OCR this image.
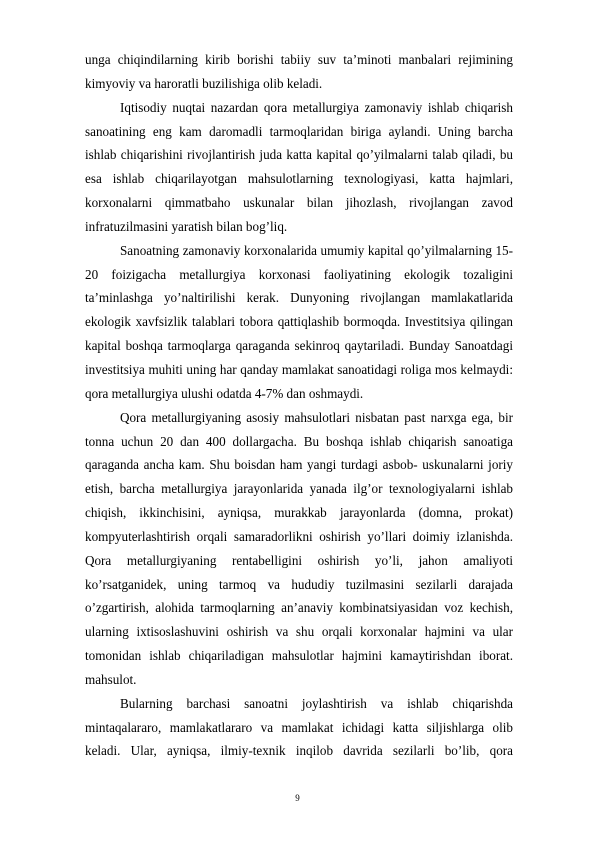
unga chiqindilarning kirib borishi tabiiy suv ta’minoti manbalari rejimining kimyoviy va haroratli buzilishiga olib keladi.

Iqtisodiy nuqtai nazardan qora metallurgiya zamonaviy ishlab chiqarish sanoatining eng kam daromadli tarmoqlaridan biriga aylandi. Uning barcha ishlab chiqarishini rivojlantirish juda katta kapital qo’yilmalarni talab qiladi, bu esa ishlab chiqarilayotgan mahsulotlarning texnologiyasi, katta hajmlari, korxonalarni qimmatbaho uskunalar bilan jihozlash, rivojlangan zavod infratuzilmasini yaratish bilan bog’liq.

Sanoatning zamonaviy korxonalarida umumiy kapital qo’yilmalarning 15-20 foizigacha metallurgiya korxonasi faoliyatining ekologik tozaligini ta’minlashga yo’naltirilishi kerak. Dunyoning rivojlangan mamlakatlarida ekologik xavfsizlik talablari tobora qattiqlashib bormoqda. Investitsiya qilingan kapital boshqa tarmoqlarga qaraganda sekinroq qaytariladi. Bunday Sanoatdagi investitsiya muhiti uning har qanday mamlakat sanoatidagi roliga mos kelmaydi: qora metallurgiya ulushi odatda 4-7% dan oshmaydi.

Qora metallurgiyaning asosiy mahsulotlari nisbatan past narxga ega, bir tonna uchun 20 dan 400 dollargacha. Bu boshqa ishlab chiqarish sanoatiga qaraganda ancha kam. Shu boisdan ham yangi turdagi asbob- uskunalarni joriy etish, barcha metallurgiya jarayonlarida yanada ilg’or texnologiyalarni ishlab chiqish, ikkinchisini, ayniqsa, murakkab jarayonlarda (domna, prokat) kompyuterlashtirish orqali samaradorlikni oshirish yo’llari doimiy izlanishda. Qora metallurgiyaning rentabelligini oshirish yo’li, jahon amaliyoti ko’rsatganidek, uning tarmoq va hududiy tuzilmasini sezilarli darajada o’zgartirish, alohida tarmoqlarning an’anaviy kombinatsiyasidan voz kechish, ularning ixtisoslashuvini oshirish va shu orqali korxonalar hajmini va ular tomonidan ishlab chiqariladigan mahsulotlar hajmini kamaytirishdan iborat. mahsulot.

Bularning barchasi sanoatni joylashtirish va ishlab chiqarishda mintaqalararo, mamlakatlararo va mamlakat ichidagi katta siljishlarga olib keladi. Ular, ayniqsa, ilmiy-texnik inqilob davrida sezilarli bo’lib, qora

9
